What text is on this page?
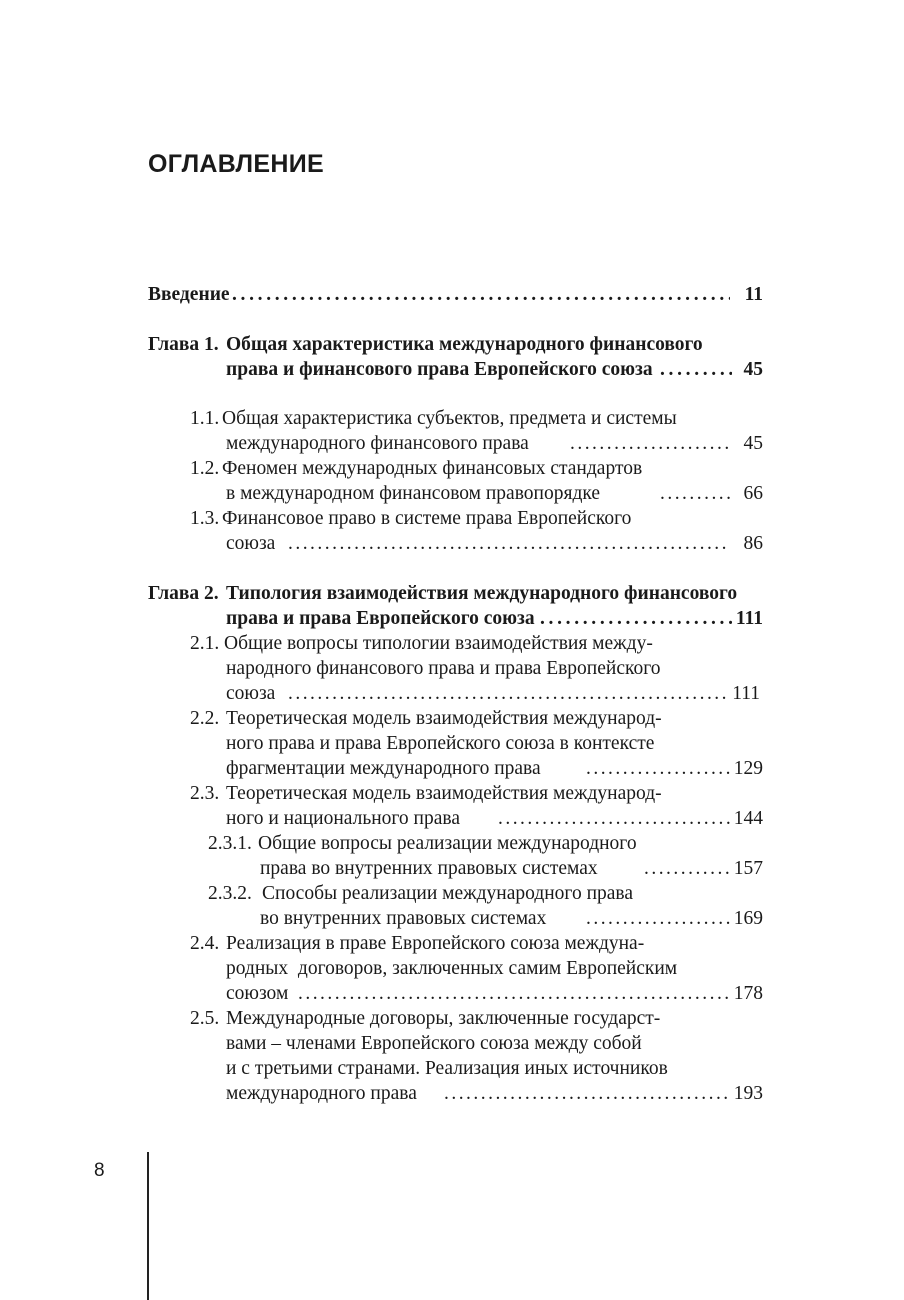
ОГЛАВЛЕНИЕ
Введение . . .	11
Глава 1. Общая характеристика международного финансового
права и финансового права Европейского союза . . .	45
1.1. Общая характеристика субъектов, предмета и системы
международного финансового права . . .	45
1.2. Феномен международных финансовых стандартов
в международном финансовом правопорядке . . .	66
1.3. Финансовое право в системе права Европейского
союза . . .	86
Глава 2. Типология взаимодействия международного финансового
права и права Европейского союза . . .	111
2.1. Общие вопросы типологии взаимодействия между-
народного финансового права и права Европейского
союза . . .	111
2.2. Теоретическая модель взаимодействия международ-
ного права и права Европейского союза в контексте
фрагментации международного права . . .	129
2.3. Теоретическая модель взаимодействия международ-
ного и национального права . . .	144
2.3.1. Общие вопросы реализации международного
права во внутренних правовых системах . . .	157
2.3.2. Способы реализации международного права
во внутренних правовых системах . . .	169
2.4. Реализация в праве Европейского союза междуна-
родных  договоров, заключенных самим Европейским
союзом . . .	178
2.5. Международные договоры, заключенные государст-
вами – членами Европейского союза между собой
и с третьими странами. Реализация иных источников
международного права . . .	193
8
